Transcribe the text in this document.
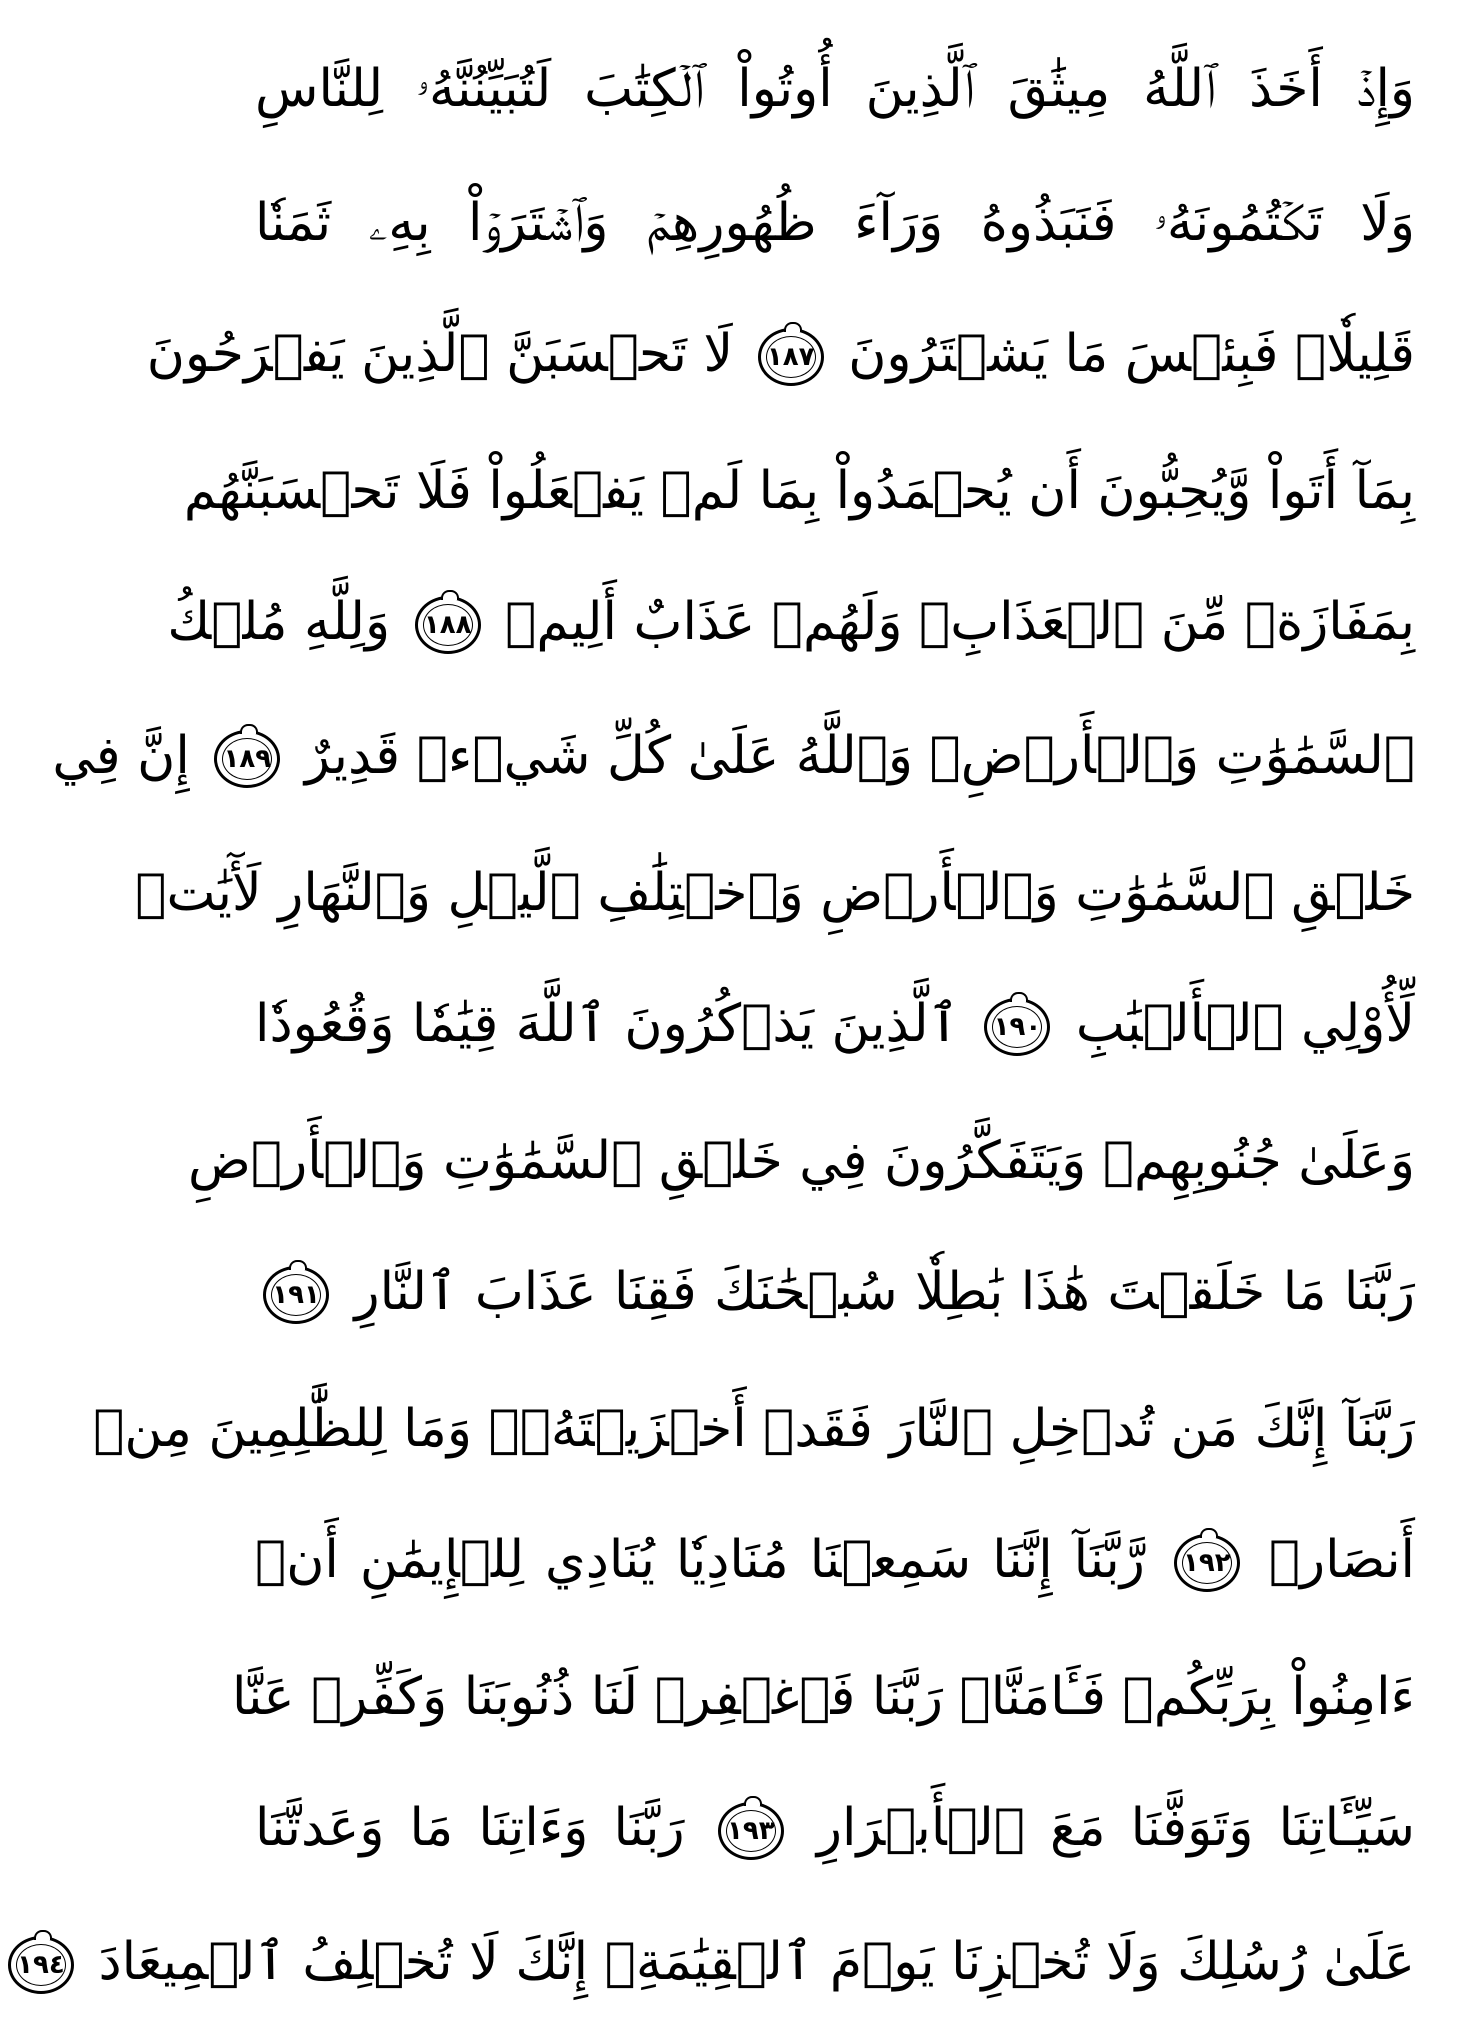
وَإِذۡ أَخَذَ ٱللَّهُ مِيثَٰقَ ٱلَّذِينَ أُوتُواْ ٱلۡكِتَٰبَ لَتُبَيِّنُنَّهُۥ لِلنَّاسِ
وَلَا تَكۡتُمُونَهُۥ فَنَبَذُوهُ وَرَآءَ ظُهُورِهِمۡ وَٱشۡتَرَوۡاْ بِهِۦ ثَمَنٗا
قَلِيلٗاۖ فَبِئۡسَ مَا يَشۡتَرُونَ
١٨٧
لَا تَحۡسَبَنَّ ٱلَّذِينَ يَفۡرَحُونَ
بِمَآ أَتَواْ وَّيُحِبُّونَ أَن يُحۡمَدُواْ بِمَا لَمۡ يَفۡعَلُواْ فَلَا تَحۡسَبَنَّهُم
بِمَفَازَةٖ مِّنَ ٱلۡعَذَابِۖ وَلَهُمۡ عَذَابٌ أَلِيمٞ
١٨٨
وَلِلَّهِ مُلۡكُ
ٱلسَّمَٰوَٰتِ وَٱلۡأَرۡضِۗ وَٱللَّهُ عَلَىٰ كُلِّ شَيۡءٖ قَدِيرٌ
١٨٩
إِنَّ فِي
خَلۡقِ ٱلسَّمَٰوَٰتِ وَٱلۡأَرۡضِ وَٱخۡتِلَٰفِ ٱلَّيۡلِ وَٱلنَّهَارِ لَأٓيَٰتٖ
لِّأُوْلِي ٱلۡأَلۡبَٰبِ
١٩٠
ٱلَّذِينَ يَذۡكُرُونَ ٱللَّهَ قِيَٰمٗا وَقُعُودٗا
وَعَلَىٰ جُنُوبِهِمۡ وَيَتَفَكَّرُونَ فِي خَلۡقِ ٱلسَّمَٰوَٰتِ وَٱلۡأَرۡضِ
رَبَّنَا مَا خَلَقۡتَ هَٰذَا بَٰطِلٗا سُبۡحَٰنَكَ فَقِنَا عَذَابَ ٱلنَّارِ
١٩١
رَبَّنَآ إِنَّكَ مَن تُدۡخِلِ ٱلنَّارَ فَقَدۡ أَخۡزَيۡتَهُۥۖ وَمَا لِلظَّٰلِمِينَ مِنۡ
أَنصَارٖ
١٩٢
رَّبَّنَآ إِنَّنَا سَمِعۡنَا مُنَادِيٗا يُنَادِي لِلۡإِيمَٰنِ أَنۡ
ءَامِنُواْ بِرَبِّكُمۡ فَـَٔامَنَّاۚ رَبَّنَا فَٱغۡفِرۡ لَنَا ذُنُوبَنَا وَكَفِّرۡ عَنَّا
سَيِّـَٔاتِنَا وَتَوَفَّنَا مَعَ ٱلۡأَبۡرَارِ
١٩٣
رَبَّنَا وَءَاتِنَا مَا وَعَدتَّنَا
عَلَىٰ رُسُلِكَ وَلَا تُخۡزِنَا يَوۡمَ ٱلۡقِيَٰمَةِۖ إِنَّكَ لَا تُخۡلِفُ ٱلۡمِيعَادَ
١٩٤
